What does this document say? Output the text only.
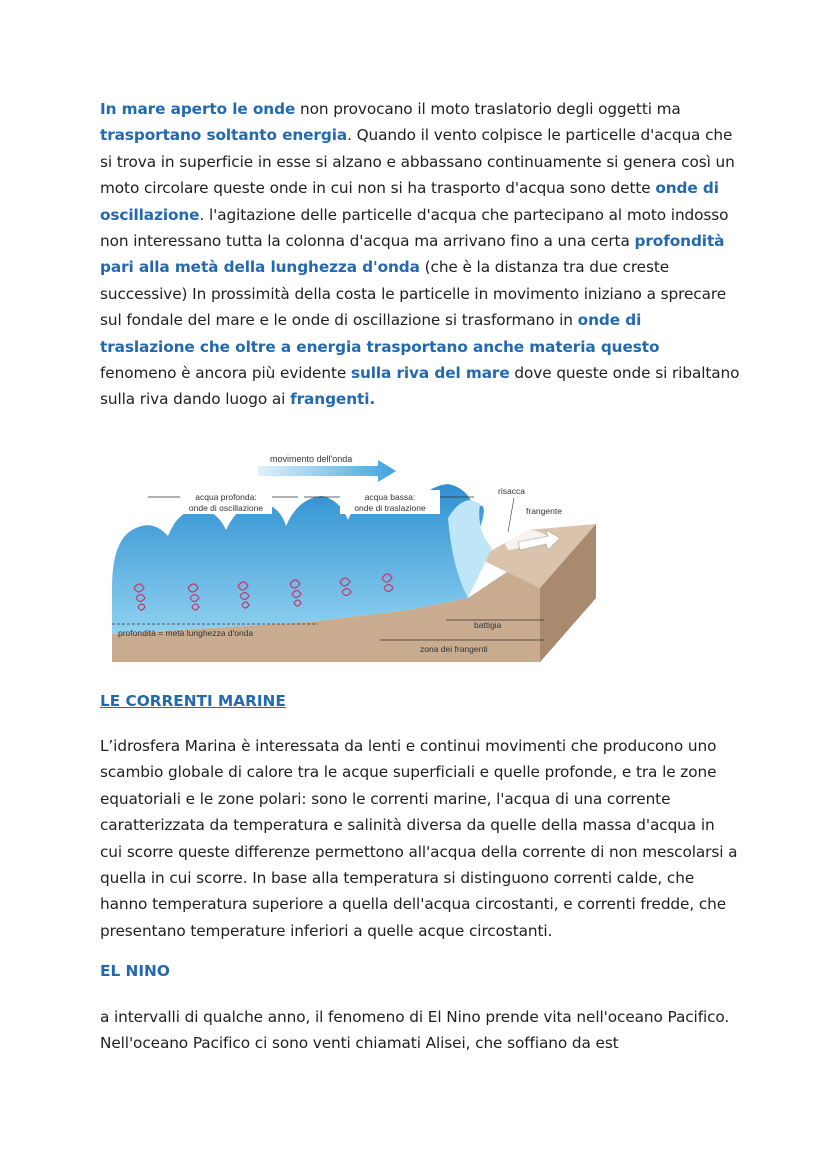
In mare aperto le onde non provocano il moto traslatorio degli oggetti ma trasportano soltanto energia. Quando il vento colpisce le particelle d'acqua che si trova in superficie in esse si alzano e abbassano continuamente si genera così un moto circolare queste onde in cui non si ha trasporto d'acqua sono dette onde di oscillazione. l'agitazione delle particelle d'acqua che partecipano al moto indosso non interessano tutta la colonna d'acqua ma arrivano fino a una certa profondità pari alla metà della lunghezza d'onda (che è la distanza tra due creste successive) In prossimità della costa le particelle in movimento iniziano a sprecare sul fondale del mare e le onde di oscillazione si trasformano in onde di traslazione che oltre a energia trasportano anche materia questo fenomeno è ancora più evidente sulla riva del mare dove queste onde si ribaltano sulla riva dando luogo ai frangenti.

movimento dell'onda
acqua profonda:
onde di oscillazione
acqua bassa:
onde di traslazione
risacca
frangente
profondità = metà lunghezza d'onda
battigia
zona dei frangenti

LE CORRENTI MARINE

L’idrosfera Marina è interessata da lenti e continui movimenti che producono uno scambio globale di calore tra le acque superficiali e quelle profonde, e tra le zone equatoriali e le zone polari: sono le correnti marine, l'acqua di una corrente caratterizzata da temperatura e salinità diversa da quelle della massa d'acqua in cui scorre queste differenze permettono all'acqua della corrente di non mescolarsi a quella in cui scorre. In base alla temperatura si distinguono correnti calde, che hanno temperatura superiore a quella dell'acqua circostanti, e correnti fredde, che presentano temperature inferiori a quelle acque circostanti.

EL NINO

a intervalli di qualche anno, il fenomeno di El Nino prende vita nell'oceano Pacifico. Nell'oceano Pacifico ci sono venti chiamati Alisei, che soffiano da est
